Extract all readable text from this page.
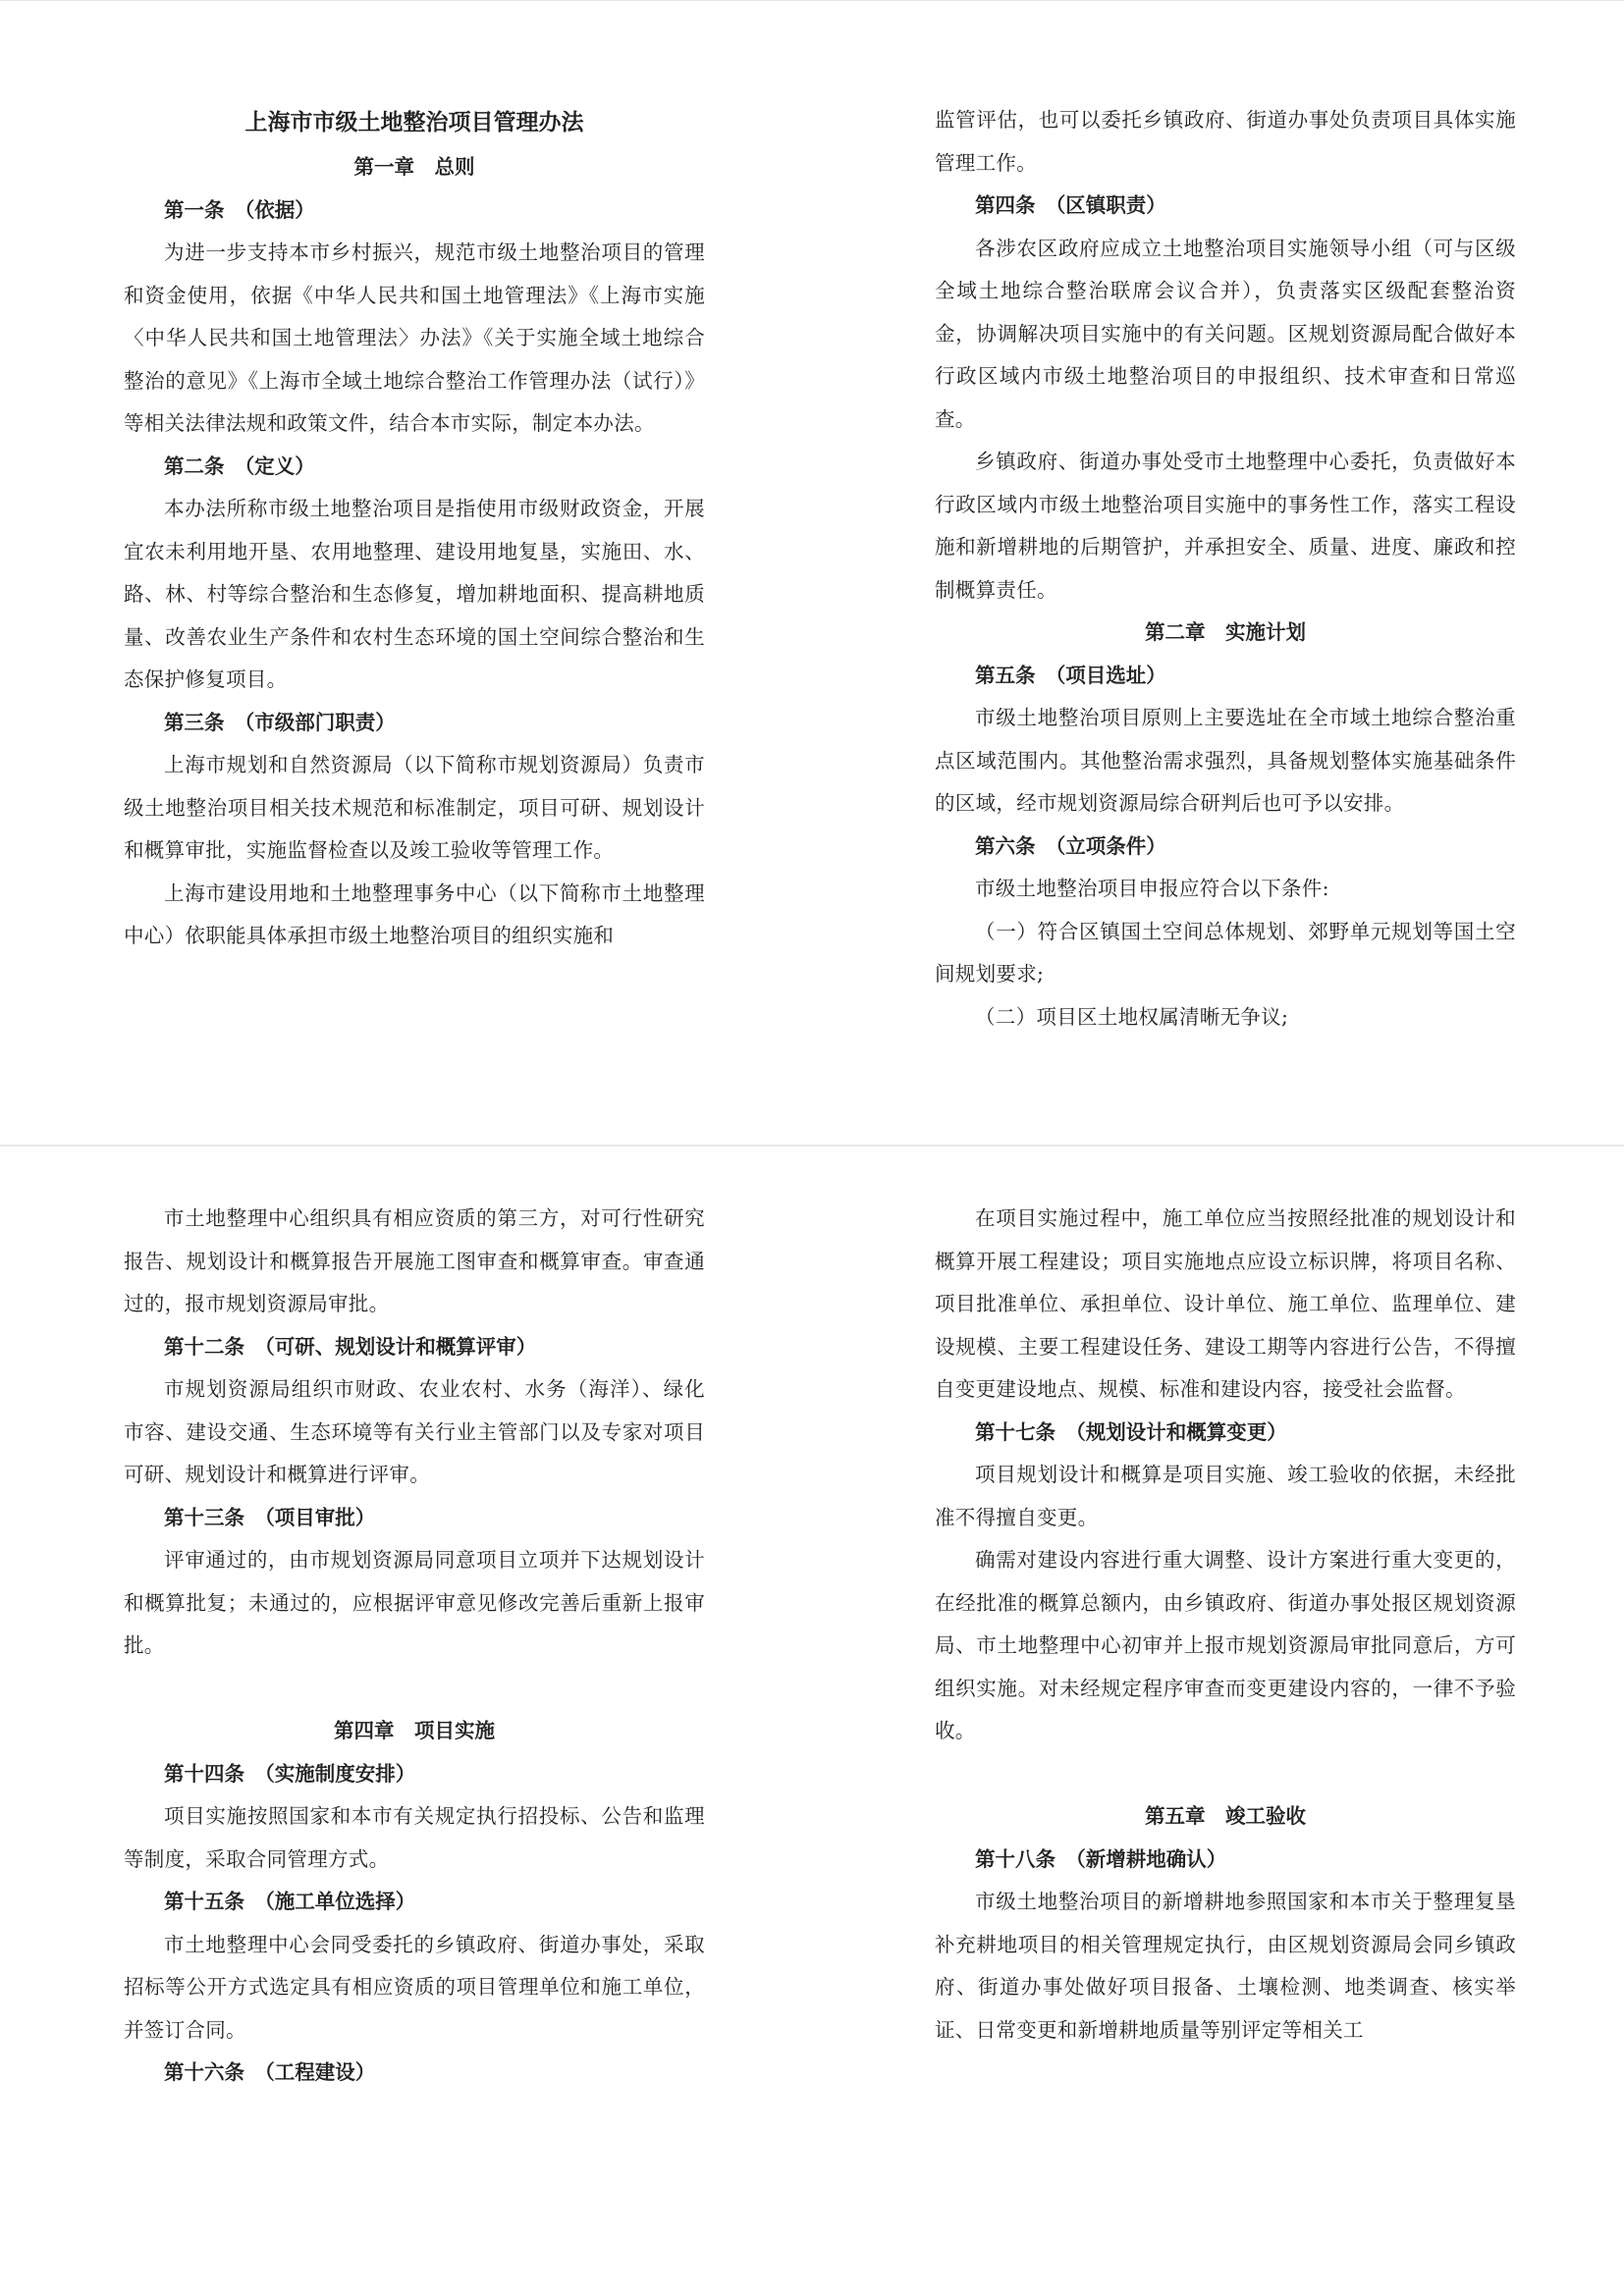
上海市市级土地整治项目管理办法

第一章　总则

第一条　（依据）

为进一步支持本市乡村振兴，规范市级土地整治项目的管理和资金使用，依据《中华人民共和国土地管理法》《上海市实施〈中华人民共和国土地管理法〉办法》《关于实施全域土地综合整治的意见》《上海市全域土地综合整治工作管理办法（试行）》等相关法律法规和政策文件，结合本市实际，制定本办法。

第二条　（定义）

本办法所称市级土地整治项目是指使用市级财政资金，开展宜农未利用地开垦、农用地整理、建设用地复垦，实施田、水、路、林、村等综合整治和生态修复，增加耕地面积、提高耕地质量、改善农业生产条件和农村生态环境的国土空间综合整治和生态保护修复项目。

第三条　（市级部门职责）

上海市规划和自然资源局（以下简称市规划资源局）负责市级土地整治项目相关技术规范和标准制定，项目可研、规划设计和概算审批，实施监督检查以及竣工验收等管理工作。

上海市建设用地和土地整理事务中心（以下简称市土地整理中心）依职能具体承担市级土地整治项目的组织实施和

监管评估，也可以委托乡镇政府、街道办事处负责项目具体实施管理工作。

第四条　（区镇职责）

各涉农区政府应成立土地整治项目实施领导小组（可与区级全域土地综合整治联席会议合并），负责落实区级配套整治资金，协调解决项目实施中的有关问题。区规划资源局配合做好本行政区域内市级土地整治项目的申报组织、技术审查和日常巡查。

乡镇政府、街道办事处受市土地整理中心委托，负责做好本行政区域内市级土地整治项目实施中的事务性工作，落实工程设施和新增耕地的后期管护，并承担安全、质量、进度、廉政和控制概算责任。

第二章　实施计划

第五条　（项目选址）

市级土地整治项目原则上主要选址在全市域土地综合整治重点区域范围内。其他整治需求强烈，具备规划整体实施基础条件的区域，经市规划资源局综合研判后也可予以安排。

第六条　（立项条件）

市级土地整治项目申报应符合以下条件:

（一）符合区镇国土空间总体规划、郊野单元规划等国土空间规划要求;

（二）项目区土地权属清晰无争议;

市土地整理中心组织具有相应资质的第三方，对可行性研究报告、规划设计和概算报告开展施工图审查和概算审查。审查通过的，报市规划资源局审批。

第十二条　（可研、规划设计和概算评审）

市规划资源局组织市财政、农业农村、水务（海洋）、绿化市容、建设交通、生态环境等有关行业主管部门以及专家对项目可研、规划设计和概算进行评审。

第十三条　（项目审批）

评审通过的，由市规划资源局同意项目立项并下达规划设计和概算批复；未通过的，应根据评审意见修改完善后重新上报审批。

第四章　项目实施

第十四条　（实施制度安排）

项目实施按照国家和本市有关规定执行招投标、公告和监理等制度，采取合同管理方式。

第十五条　（施工单位选择）

市土地整理中心会同受委托的乡镇政府、街道办事处，采取招标等公开方式选定具有相应资质的项目管理单位和施工单位，并签订合同。

第十六条　（工程建设）

在项目实施过程中，施工单位应当按照经批准的规划设计和概算开展工程建设；项目实施地点应设立标识牌，将项目名称、项目批准单位、承担单位、设计单位、施工单位、监理单位、建设规模、主要工程建设任务、建设工期等内容进行公告，不得擅自变更建设地点、规模、标准和建设内容，接受社会监督。

第十七条　（规划设计和概算变更）

项目规划设计和概算是项目实施、竣工验收的依据，未经批准不得擅自变更。

确需对建设内容进行重大调整、设计方案进行重大变更的，在经批准的概算总额内，由乡镇政府、街道办事处报区规划资源局、市土地整理中心初审并上报市规划资源局审批同意后，方可组织实施。对未经规定程序审查而变更建设内容的，一律不予验收。

第五章　竣工验收

第十八条　（新增耕地确认）

市级土地整治项目的新增耕地参照国家和本市关于整理复垦补充耕地项目的相关管理规定执行，由区规划资源局会同乡镇政府、街道办事处做好项目报备、土壤检测、地类调查、核实举证、日常变更和新增耕地质量等别评定等相关工
